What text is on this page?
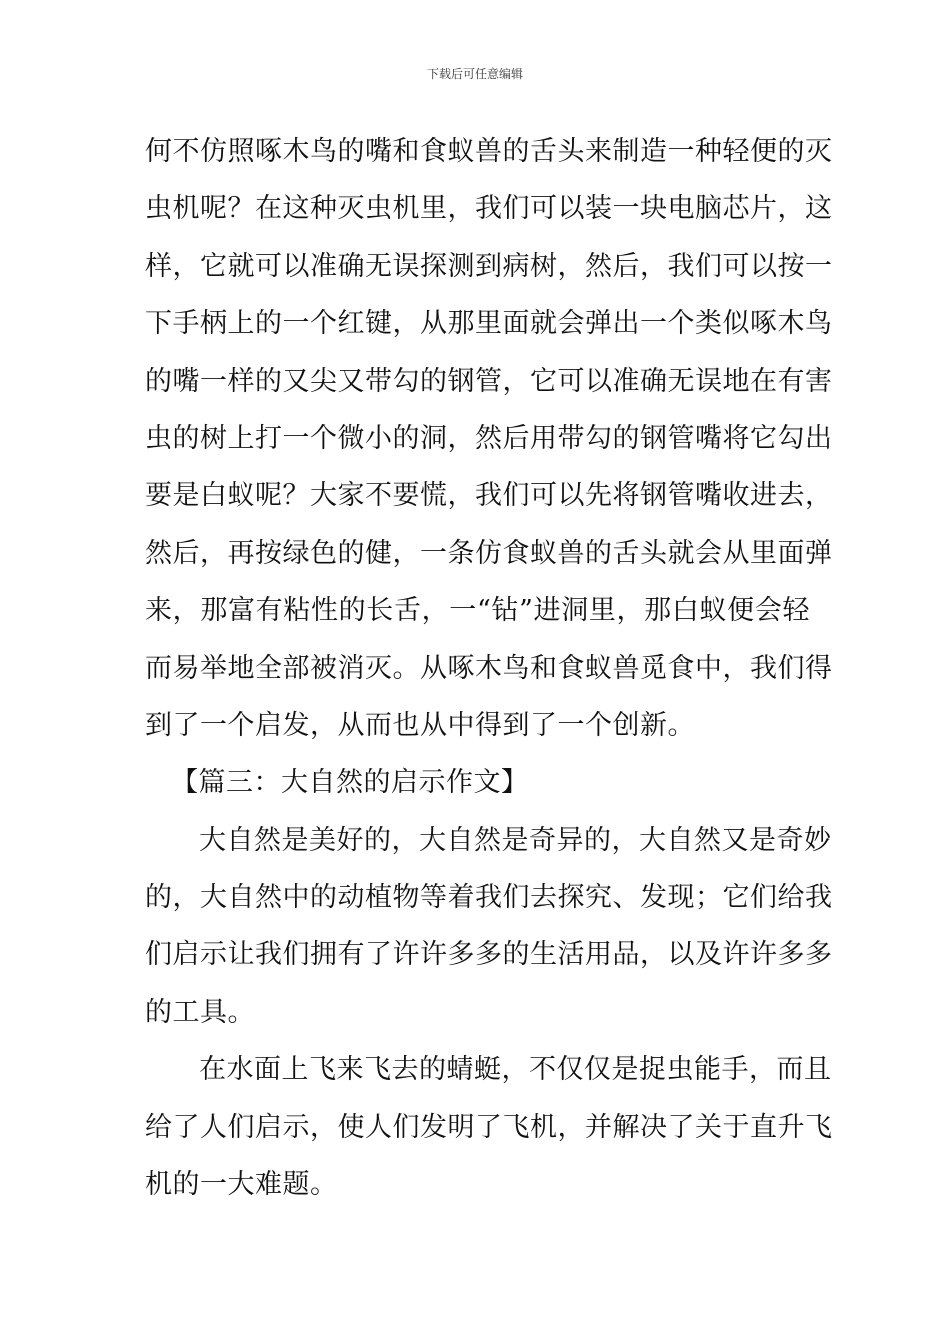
下载后可任意编辑
何不仿照啄木鸟的嘴和食蚁兽的舌头来制造一种轻便的灭
虫机呢？在这种灭虫机里，我们可以装一块电脑芯片，这
样，它就可以准确无误探测到病树，然后，我们可以按一
下手柄上的一个红键，从那里面就会弹出一个类似啄木鸟
的嘴一样的又尖又带勾的钢管，它可以准确无误地在有害
虫的树上打一个微小的洞，然后用带勾的钢管嘴将它勾出
要是白蚁呢？大家不要慌，我们可以先将钢管嘴收进去，
然后，再按绿色的健，一条仿食蚁兽的舌头就会从里面弹
来，那富有粘性的长舌，一“钻”进洞里，那白蚁便会轻
而易举地全部被消灭。从啄木鸟和食蚁兽觅食中，我们得
到了一个启发，从而也从中得到了一个创新。
【篇三：大自然的启示作文】
大自然是美好的，大自然是奇异的，大自然又是奇妙
的，大自然中的动植物等着我们去探究、发现；它们给我
们启示让我们拥有了许许多多的生活用品，以及许许多多
的工具。
在水面上飞来飞去的蜻蜓，不仅仅是捉虫能手，而且
给了人们启示，使人们发明了飞机，并解决了关于直升飞
机的一大难题。
